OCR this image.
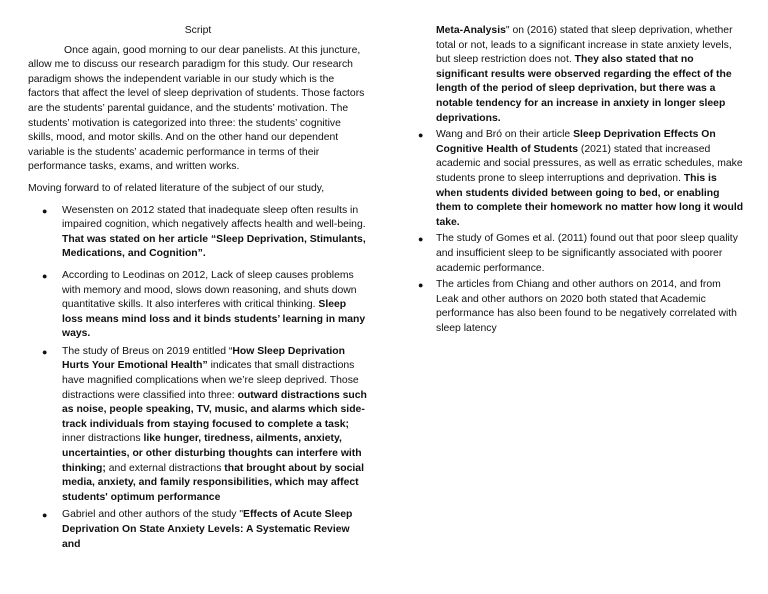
Script

Once again, good morning to our dear panelists. At this juncture, allow me to discuss our research paradigm for this study. Our research paradigm shows the independent variable in our study which is the factors that affect the level of sleep deprivation of students. Those factors are the students’ parental guidance, and the students’ motivation. The students’ motivation is categorized into three: the students’ cognitive skills, mood, and motor skills. And on the other hand our dependent variable is the students’ academic performance in terms of their performance tasks, exams, and written works.

Moving forward to of related literature of the subject of our study,

● Wesensten on 2012 stated that inadequate sleep often results in impaired cognition, which negatively affects health and well-being. That was stated on her article “Sleep Deprivation, Stimulants, Medications, and Cognition”.
● According to Leodinas on 2012, Lack of sleep causes problems with memory and mood, slows down reasoning, and shuts down quantitative skills. It also interferes with critical thinking. Sleep loss means mind loss and it binds students’ learning in many ways.
● The study of Breus on 2019 entitled “How Sleep Deprivation Hurts Your Emotional Health” indicates that small distractions have magnified complications when we’re sleep deprived. Those distractions were classified into three: outward distractions such as noise, people speaking, TV, music, and alarms which side-track individuals from staying focused to complete a task; inner distractions like hunger, tiredness, ailments, anxiety, uncertainties, or other disturbing thoughts can interfere with thinking; and external distractions that brought about by social media, anxiety, and family responsibilities, which may affect students' optimum performance
● Gabriel and other authors of the study "Effects of Acute Sleep Deprivation On State Anxiety Levels: A Systematic Review and

Meta-Analysis" on (2016) stated that sleep deprivation, whether total or not, leads to a significant increase in state anxiety levels, but sleep restriction does not. They also stated that no significant results were observed regarding the effect of the length of the period of sleep deprivation, but there was a notable tendency for an increase in anxiety in longer sleep deprivations.

● Wang and Bró on their article Sleep Deprivation Effects On Cognitive Health of Students (2021) stated that increased academic and social pressures, as well as erratic schedules, make students prone to sleep interruptions and deprivation. This is when students divided between going to bed, or enabling them to complete their homework no matter how long it would take.
● The study of Gomes et al. (2011) found out that poor sleep quality and insufficient sleep to be significantly associated with poorer academic performance.
● The articles from Chiang and other authors on 2014, and from Leak and other authors on 2020 both stated that Academic performance has also been found to be negatively correlated with sleep latency
